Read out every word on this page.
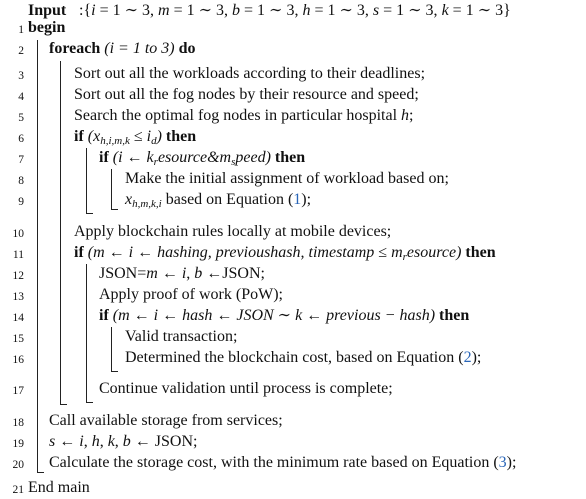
Input :{i = 1 ∼ 3, m = 1 ∼ 3, b = 1 ∼ 3, h = 1 ∼ 3, s = 1 ∼ 3, k = 1 ∼ 3}
1 begin
2 foreach (i = 1 to 3) do
3	Sort out all the workloads according to their deadlines;
4	Sort out all the fog nodes by their resource and speed;
5	Search the optimal fog nodes in particular hospital h;
6	if $(x_{h,i,m,k} \le i_d)$ then
7	if (i ← $k_resource\&m_speed$) then
8	Make the initial assignment of workload based on;
9	$x_{h,m,k,i}$ based on Equation (1);
10	Apply blockchain rules locally at mobile devices;
11	if (m ← i ← hashing, previoushash, timestamp ≤ $m_resource$) then
12	JSON=m ← i, b ←JSON;
13	Apply proof of work (PoW);
14	if (m ← i ← hash ← JSON ∼ k ← previous − hash) then
15	Valid transaction;
16	Determined the blockchain cost, based on Equation (2);
17	Continue validation until process is complete;
18 Call available storage from services;
19 s ← i, h, k, b ← JSON;
20 Calculate the storage cost, with the minimum rate based on Equation (3);
21 End main
